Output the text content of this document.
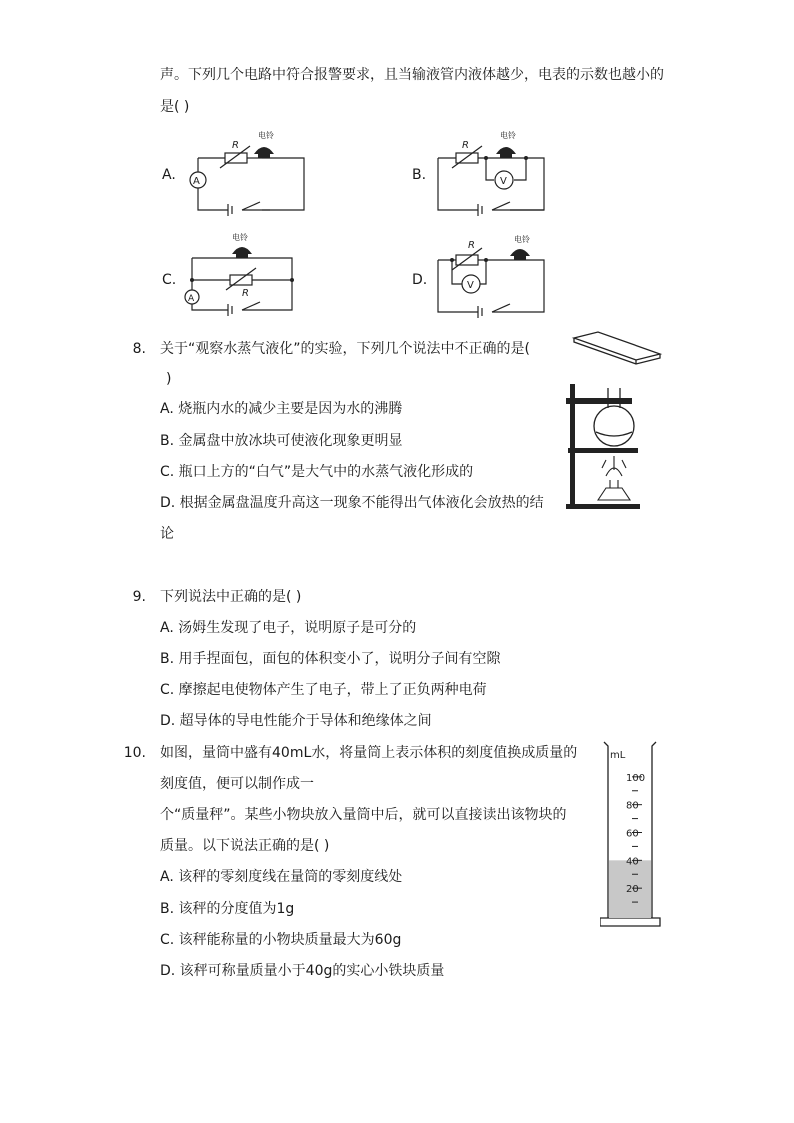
声。下列几个电路中符合报警要求，且当输液管内液体越少，电表的示数也越小的
是( )
A. A
R
电铃
B.	V
R
电铃
C.
A	R
电铃
D.	V
R
电铃
8. 关于“观察水蒸气液化”的实验，下列几个说法中不正确的是(
)
A. 烧瓶内水的减少主要是因为水的沸腾
B. 金属盘中放冰块可使液化现象更明显
C. 瓶口上方的“白气”是大气中的水蒸气液化形成的
D. 根据金属盘温度升高这一现象不能得出气体液化会放热的结
论
9. 下列说法中正确的是( )
A. 汤姆生发现了电子，说明原子是可分的
B. 用手捏面包，面包的体积变小了，说明分子间有空隙
C. 摩擦起电使物体产生了电子，带上了正负两种电荷
D. 超导体的导电性能介于导体和绝缘体之间
10. 如图，量筒中盛有40mL水，将量筒上表示体积的刻度值换成质量的
刻度值，便可以制作成一
个“质量秤”。某些小物块放入量筒中后，就可以直接读出该物块的
质量。以下说法正确的是( )
A. 该秤的零刻度线在量筒的零刻度线处
B. 该秤的分度值为1g
C. 该秤能称量的小物块质量最大为60g
D. 该秤可称量质量小于40g的实心小铁块质量
100
80
60
40
20
mL
